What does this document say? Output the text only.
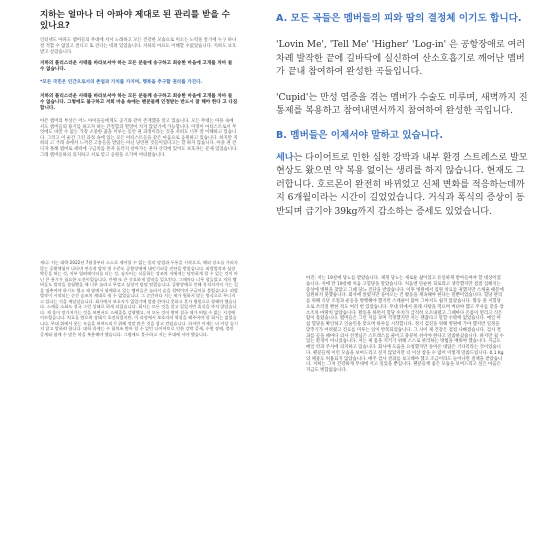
지하는 얼마나 더 아파야 제대로 된 관리를 받을 수 있나요?
인터넷도 아파도 멤버들의 무대에 서서 노래하고 모든 건강한 모습으로 미소는 노력을 알기에 누구 하나 잘 적합 수 없었고 전디고 또 견디는 데려 있었습니다. 지하의 아프도 이해할 수없었습니다. 지하도 보호받고 싶었습니다.
지하의 플리스러운 사태를 바라보셔야 하는 모든 분들에 송구하고 죄송한 마음에 고개를 차마 들 수 없습니다.
*모든 국민은 인간으로서의 존엄과 가치를 가지며, 행복을 추구할 권리를 가진다.
지하의 플리스러운 사태를 바라보셔야 하는 모든 분들께 송구하고 죄송한 마음에 고개를 차마 들 수 없습니다. 그렇에도 불구하고 저희 마음 속에는 펜분들께 인정받는 반드시 잘 해야 한다 고 다짐합니다.
아픈 멤버의 부상은 어느 아이돌들에게도 공기와 같이 존재했을 알고 있습니다. 모든 무대는 아플 속에 서도 멤버들의 용기를 하고자 하는 간절함과 열망이 치지 않았기에 가능합니다. 이영이 아티스트로서 무엇에도 바꿀 수 없는 가장 소중한 꿈을 이루는 동안 권 과정이라는 것을 저희도 너무 잘 이해하고 있습니다. 그러고 이 순간 그런 과정 속에 있는 모든 아티스트들을 같은 마음으로 응원하고 있습니다. 하지만 지하의 고 거래 속에서 느껴진 고통들을 받았는 아닌 당연한 것들이었다고는 할 하지 않습니다. 아플 권 견디지 못해 멤버로 세력에 구금치를 혼자 둘러지 살아가는 흔자 산리에 있어도 보호자는 문제 었었습니다. 그래 멤버들하의 의지하고 서로 맞고 응원을 오가며 버텨왔습니다.
A. 모든 곡들은 멤버들의 피와 땀의 결정체 이기도 합니다.
'Lovin Me', 'Tell Me' 'Higher' 'Log-in' 은 공항장애로 여러 차례 발작한 끝에 길바닥에 실신하여 산소호흡기로 깨어난 멤버가 끝내 참여하여 완성한 곡들입니다.
'Cupid'는 만성 염증을 겪는 멤버가 수술도 미루며, 새벽까지 진통제를 복용하고 참여내면서까지 참여하여 완성한 곡입니다.
B. 멤버들은 이제서야 말하고 있습니다.
세나는 다이어트로 인한 심한 강박과 내부 환경 스트레스로 발모 현상도 왔으면 약 복용 없이는 생리를 하지 않습니다. 현재도 그러합니다. 호르몬이 완전히 바뀌었고 신체 변화를 적응하는데까지 6개월이라는 시간이 길었었습니다. 거식과 폭식의 증상이 동반되며 급기야 39kg까지 감소하는 증세도 있었습니다.
세나: 저는 대략 2022년 7월경부터 스스로 제어할 수 없는 몸의 말림과 두통을 시작으로, 해외 장소를 가리지 않는 공황체험이 나타며 연속적 발작 및 수준도 공황장애에 대인기피증 진단을 받았습니다. 외발발작과 심장박동을 허는 것, 저부 열려에이터를 타는 것, 심지어는 식음하는 장조차 저에게는 당연하게 할 수 있는 것이 아닌 큰 용기가 필요한 도전이었습니다. 안팩 또 큰 중요하게 발작을 일으킨다. 그때마다 너무 힘들었고 저희 멤버들도 발작을 경험했을 때 너무 놀라고 무섭고 심장이 덜덜 떨렸습니다. 공황장애로 인해 목적지까지 가는 길을 멈추어야 하기도 했고 제 옆에서 함께하고 있는 멤버들은 놀라서 숨을 헐떡이며 구급차를 불렀습니다. 외발 발작이 시작되는 순간 숨조차 제대로 쉴 수 없었습니다. 그 순간마다 저는 제가 원하지 않는 방식으로 무너지고 있다는 것을 깨달았습니다. 회사에서 보호자가 없었기에 말씀 한마디 못하고 혼자 병원으로 향해야 했습니다. 스케줄 소화도 결국 그런 상태로 하게 되었습니다. 회사는 모든 것을 알고 있었지만 휴식을 주지 않았습니다. 제 몸이 망가져가는 것을 보면서도 스케줄을 강행했고, 이 모든 것이 쌓여 결국 제가 버틸 수 없는 지경에 이르렀습니다. 치료를 받으며 상태가 호전되었지만, 이 과정에서 보호자의 역할을 해주어야 할 회사는 없었습니다. 무대 위에서 웃는 모습을 보여드리기 위해 정말 많은 것을 참고 견뎠습니다. 하지만 이제는 더 이상 숨기지 않고 말하려 합니다. 대학 과제는 수 합치조 받아 할 수 있던 다이어트로 인한 강박 증세, 수면 장애, 불안 증세와 함께 수 많은 약을 복용해야 했습니다. 그럼에도 불구하고 저는 무대에 서야 했습니다.
아진: 저는 19살에 당뇨를 받았습니다. 제게 당뇨는 새로운 삶이었고 유일하게 받아들여야 할 대상이었습니다. 저에 만 19살때 처음 고혈당을 알았습니다. 처음엔 단순한 피로라고 생각했지만 점점 심해지는 증상에 병원을 찾았고 그때 당뇨 진단을 받았습니다. 이후 병원에서 입원 치료를 권했지만 스케줄 때문에 입원하지 못했습니다. 회사에 알렸지만 돌아오는 건 활동을 계속해야 한다는 말뿐이었습니다. 혈당 관리를 위해 식단 조절과 운동을 병행해야 했지만 스케줄이 많아 그마저도 쉽지 않았습니다. 활동 중 저혈당으로 쓰러질 뻔한 적도 여러 번 있었습니다. 무대 뒤에서 몰래 사탕을 먹으며 버텨야 했고 주사를 맞을 장소조차 마땅치 않았습니다. 활동을 하면서 혈당 수치가 급격히 오르내렸고 그때마다 온몸이 떨리고 식은땀이 흘렀습니다. 멤버들은 그런 저를 보며 걱정했지만 저는 괜찮다고 말할 수밖에 없었습니다. 매일 아침 혈당을 확인하고 인슐린을 맞으며 하루를 시작합니다. 정기 검진을 위해 병원에 가야 했지만 일정을 맞추기가 어려웠고 진료를 미루는 일이 반복되었습니다. 그 사이 제 건강은 점점 나빠졌습니다. 검사 결과를 들을 때마다 의사 선생님은 스트레스를 줄이고 충분히 쉬어야 한다고 말씀하셨습니다. 하지만 쉴 수 있는 환경이 아니었습니다. 저는 제 몸을 지키기 위해 스스로 관리하는 방법을 배워야 했습니다. 지금도 매일 약과 주사에 의지하고 있습니다. 회사에 도움을 요청했지만 돌아온 대답은 기다리라는 것이었습니다. 팬분들께 이런 모습을 보여드리고 싶지 않았지만 더 이상 참을 수 없어 이렇게 말씀드립니다. 0.1 Kg의 체중도 허용되지 않았습니다. 매주 검사 결과를 보고해야 했고 조금이라도 늘어나면 질책을 받았습니다. 저희는 그저 건강하게 무대에 서고 싶었을 뿐입니다. 팬분들께 좋은 모습을 보여드리고 싶은 마음은 지금도 변함없습니다.
